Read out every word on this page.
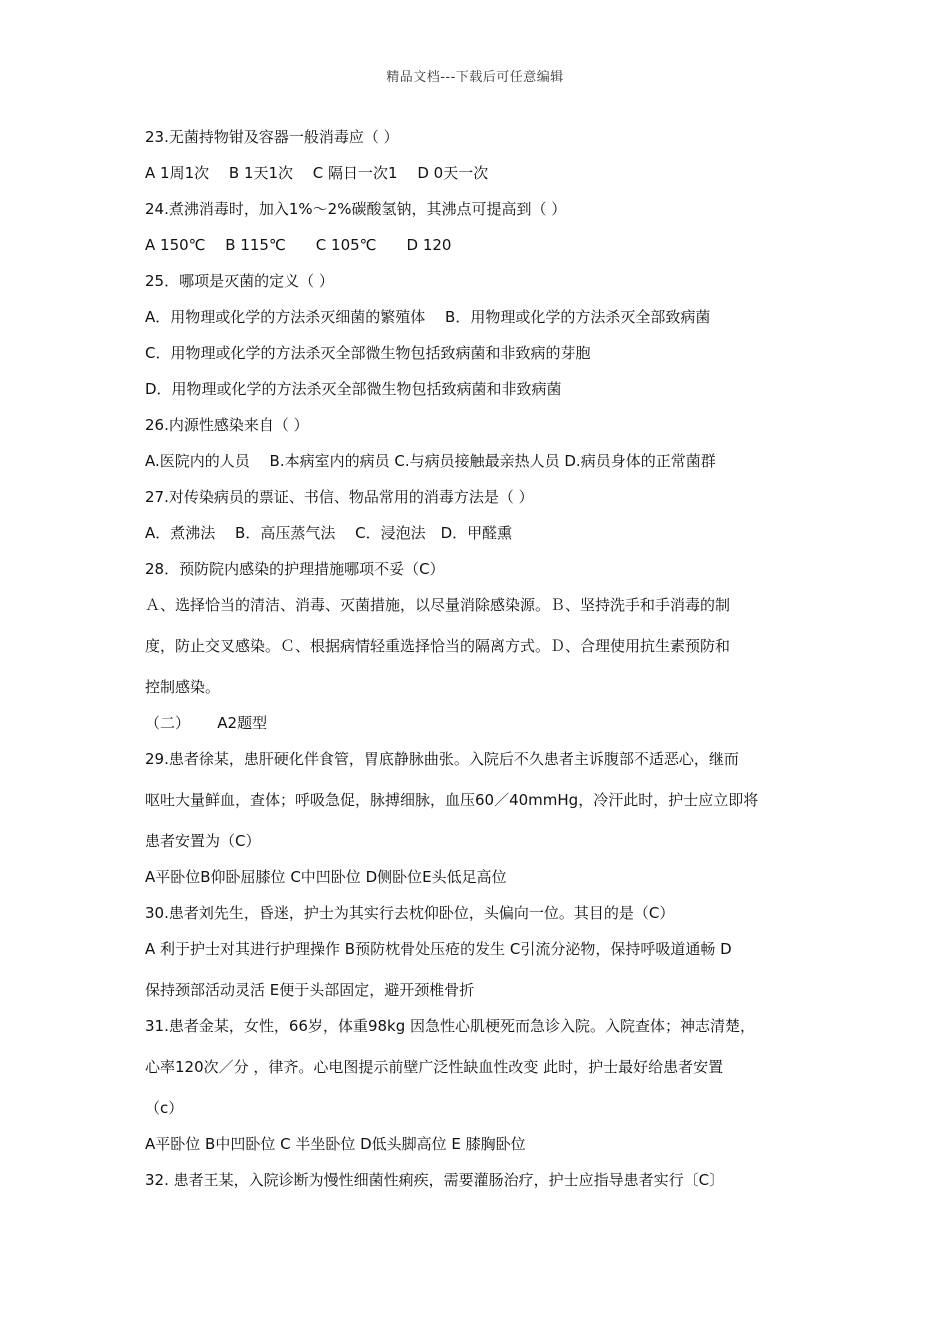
精品文档---下载后可任意编辑
23.无菌持物钳及容器一般消毒应（ ）
A 1周1次　 B 1天1次　 C 隔日一次1　 D 0天一次
24.煮沸消毒时，加入1%～2%碳酸氢钠，其沸点可提高到（ ）
A 150℃　 B 115℃　　C 105℃　　D 120
25．哪项是灭菌的定义（ ）
A．用物理或化学的方法杀灭细菌的繁殖体　 B．用物理或化学的方法杀灭全部致病菌
C．用物理或化学的方法杀灭全部微生物包括致病菌和非致病的芽胞
D．用物理或化学的方法杀灭全部微生物包括致病菌和非致病菌
26.内源性感染来自（ ）
A.医院内的人员　 B.本病室内的病员 C.与病员接触最亲热人员 D.病员身体的正常菌群
27.对传染病员的票证、书信、物品常用的消毒方法是（ ）
A．煮沸法　 B．高压蒸气法　 C．浸泡法　D．甲醛熏
28．预防院内感染的护理措施哪项不妥（C）
Ａ、选择恰当的清洁、消毒、灭菌措施，以尽量消除感染源。Ｂ、坚持洗手和手消毒的制
度，防止交叉感染。Ｃ、根据病情轻重选择恰当的隔离方式。Ｄ、合理使用抗生素预防和
控制感染。
（二）　　 A2题型
29.患者徐某，患肝硬化伴食管，胃底静脉曲张。入院后不久患者主诉腹部不适恶心，继而
呕吐大量鲜血，查体；呼吸急促，脉搏细脉，血压60／40mmHg，冷汗此时，护士应立即将
患者安置为（C）
A平卧位B仰卧屈膝位 C中凹卧位 D侧卧位E头低足高位
30.患者刘先生，昏迷，护士为其实行去枕仰卧位，头偏向一位。其目的是（C）
A 利于护士对其进行护理操作 B预防枕骨处压疮的发生 C引流分泌物，保持呼吸道通畅 D
保持颈部活动灵活 E便于头部固定，避开颈椎骨折
31.患者金某，女性，66岁，体重98kg 因急性心肌梗死而急诊入院。入院查体；神志清楚，
心率120次／分 ，律齐。心电图提示前壁广泛性缺血性改变 此时，护士最好给患者安置
（c）
A平卧位 B中凹卧位 C 半坐卧位 D低头脚高位 E 膝胸卧位
32. 患者王某，入院诊断为慢性细菌性痢疾，需要灌肠治疗，护士应指导患者实行〔C〕
